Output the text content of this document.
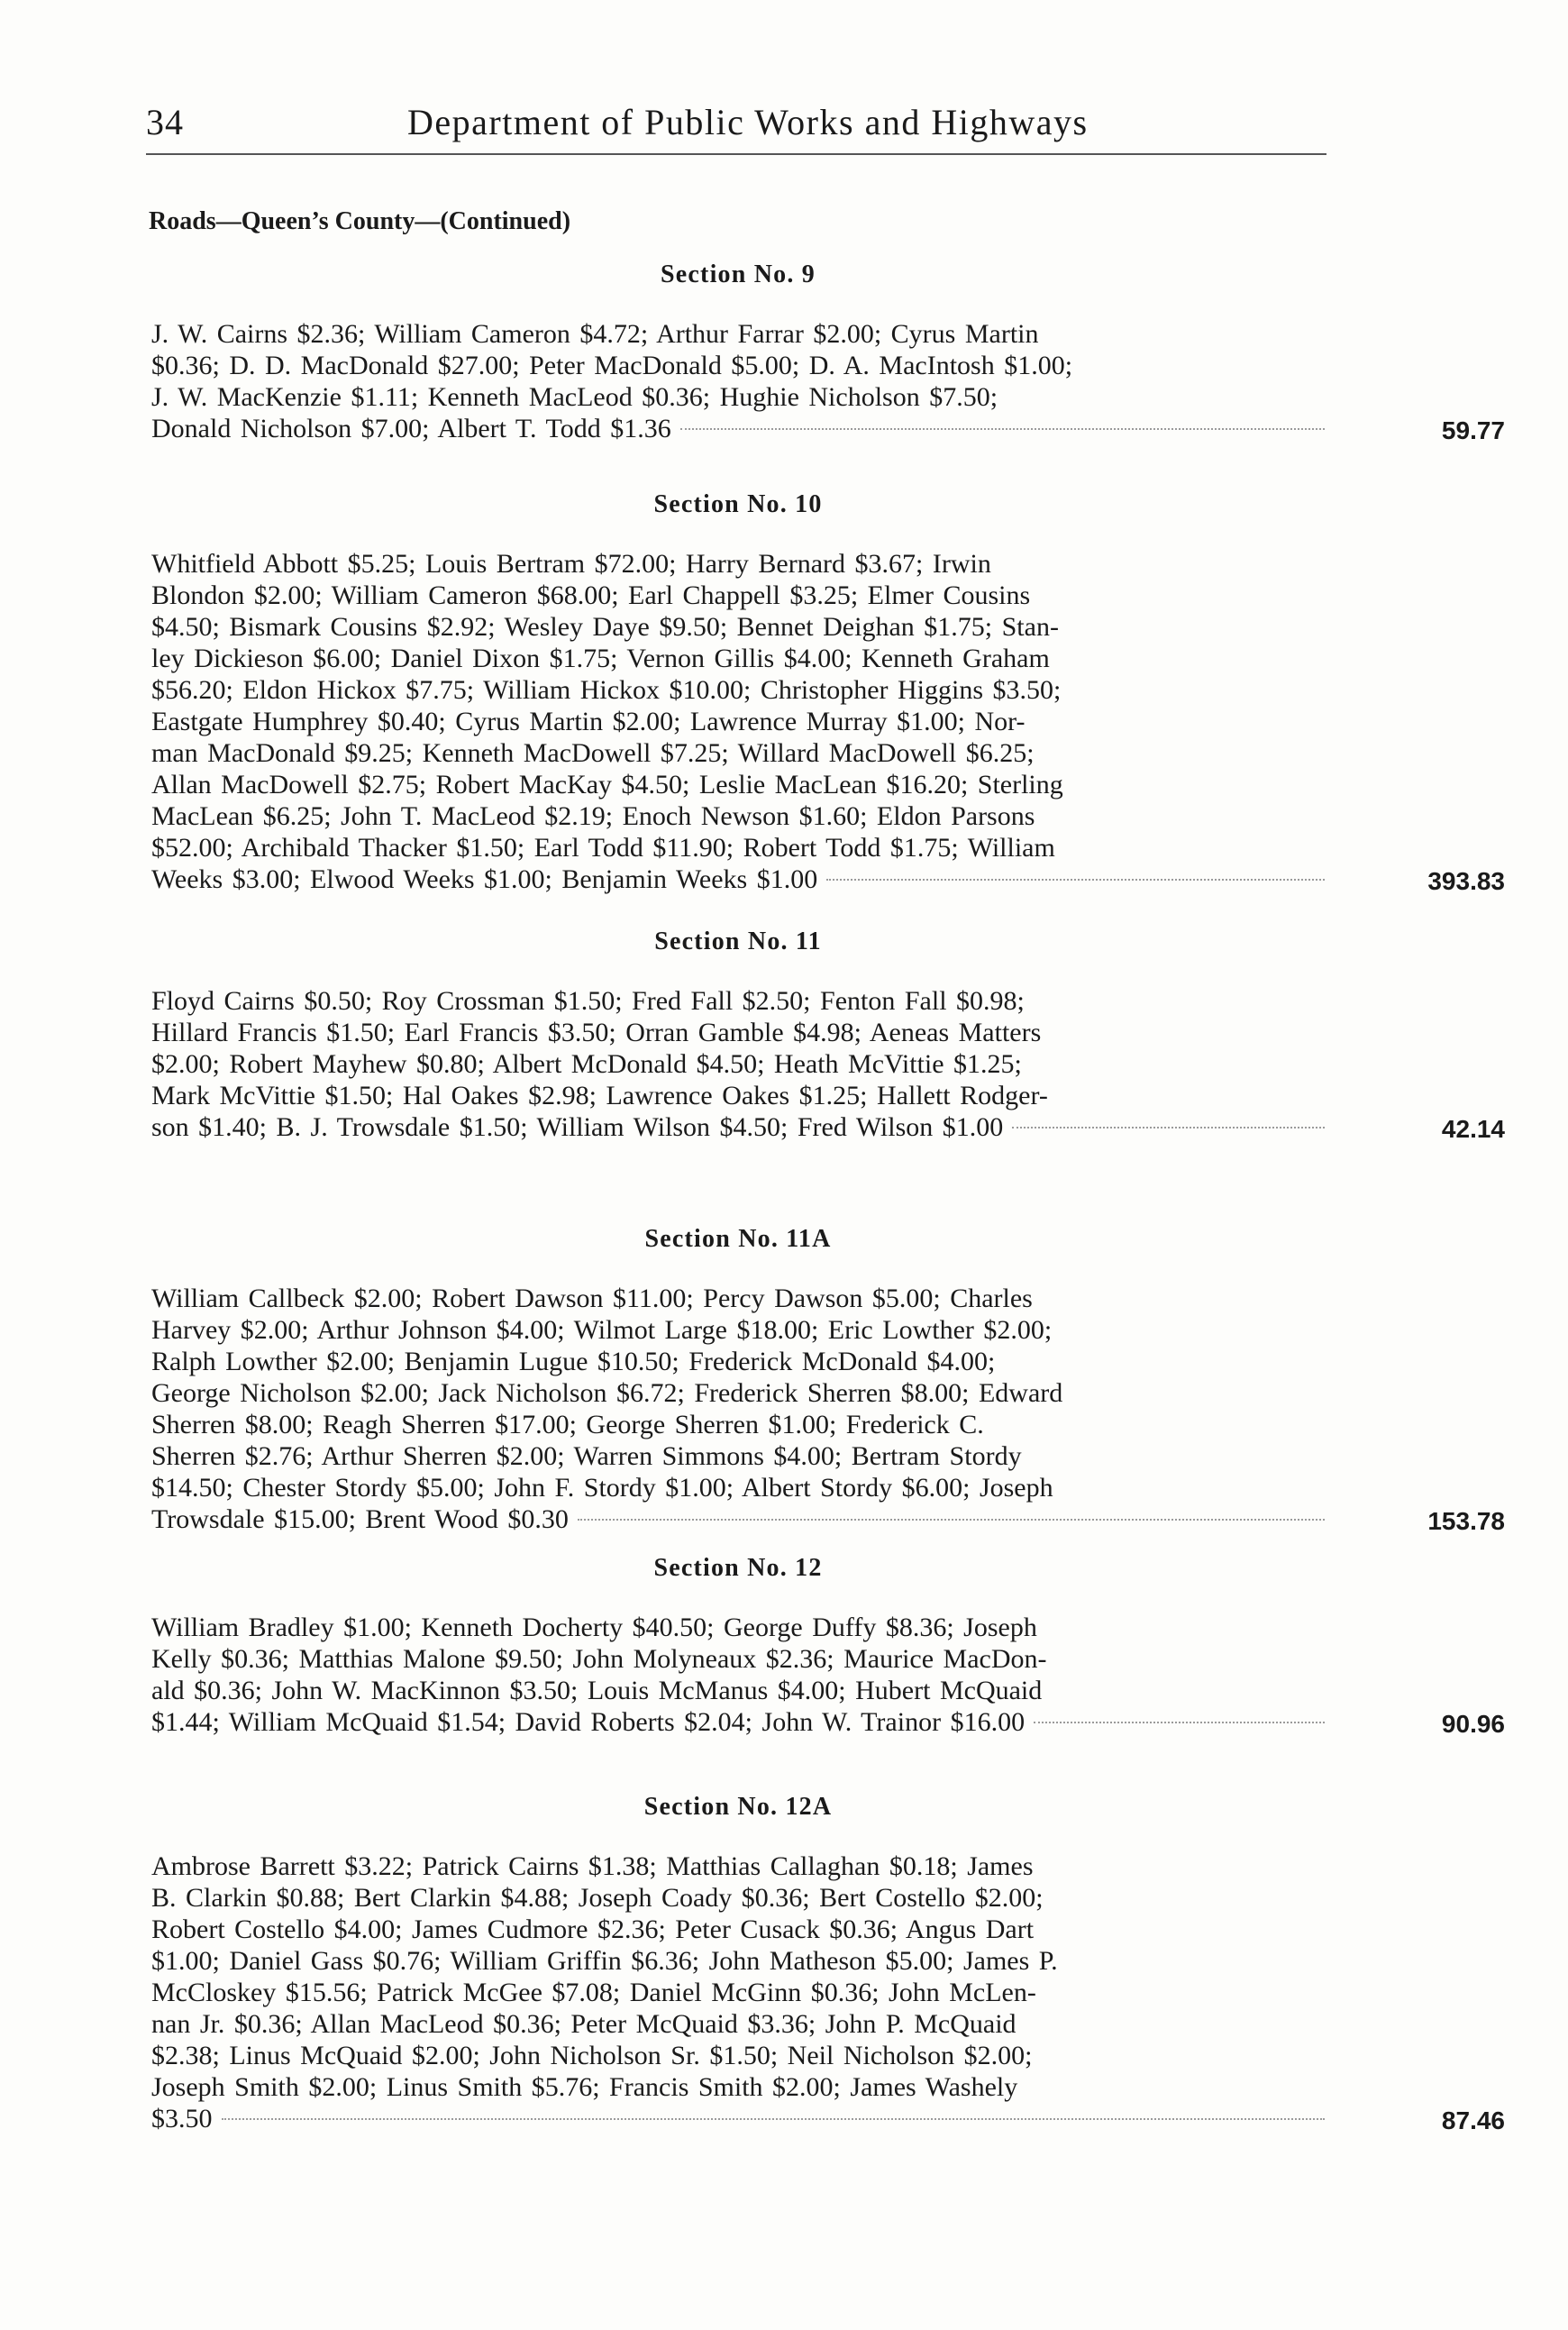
34	Department of Public Works and Highways
Roads—Queen’s County—(Continued)
Section No. 9
J. W. Cairns $2.36; William Cameron $4.72; Arthur Farrar $2.00; Cyrus Martin
$0.36; D. D. MacDonald $27.00; Peter MacDonald $5.00; D. A. MacIntosh $1.00;
J. W. MacKenzie $1.11; Kenneth MacLeod $0.36; Hughie Nicholson $7.50;
Donald Nicholson $7.00; Albert T. Todd $1.36	59.77
Section No. 10
Whitfield Abbott $5.25; Louis Bertram $72.00; Harry Bernard $3.67; Irwin
Blondon $2.00; William Cameron $68.00; Earl Chappell $3.25; Elmer Cousins
$4.50; Bismark Cousins $2.92; Wesley Daye $9.50; Bennet Deighan $1.75; Stan-
ley Dickieson $6.00; Daniel Dixon $1.75; Vernon Gillis $4.00; Kenneth Graham
$56.20; Eldon Hickox $7.75; William Hickox $10.00; Christopher Higgins $3.50;
Eastgate Humphrey $0.40; Cyrus Martin $2.00; Lawrence Murray $1.00; Nor-
man MacDonald $9.25; Kenneth MacDowell $7.25; Willard MacDowell $6.25;
Allan MacDowell $2.75; Robert MacKay $4.50; Leslie MacLean $16.20; Sterling
MacLean $6.25; John T. MacLeod $2.19; Enoch Newson $1.60; Eldon Parsons
$52.00; Archibald Thacker $1.50; Earl Todd $11.90; Robert Todd $1.75; William
Weeks $3.00; Elwood Weeks $1.00; Benjamin Weeks $1.00	393.83
Section No. 11
Floyd Cairns $0.50; Roy Crossman $1.50; Fred Fall $2.50; Fenton Fall $0.98;
Hillard Francis $1.50; Earl Francis $3.50; Orran Gamble $4.98; Aeneas Matters
$2.00; Robert Mayhew $0.80; Albert McDonald $4.50; Heath McVittie $1.25;
Mark McVittie $1.50; Hal Oakes $2.98; Lawrence Oakes $1.25; Hallett Rodger-
son $1.40; B. J. Trowsdale $1.50; William Wilson $4.50; Fred Wilson $1.00	42.14
Section No. 11A
William Callbeck $2.00; Robert Dawson $11.00; Percy Dawson $5.00; Charles
Harvey $2.00; Arthur Johnson $4.00; Wilmot Large $18.00; Eric Lowther $2.00;
Ralph Lowther $2.00; Benjamin Lugue $10.50; Frederick McDonald $4.00;
George Nicholson $2.00; Jack Nicholson $6.72; Frederick Sherren $8.00; Edward
Sherren $8.00; Reagh Sherren $17.00; George Sherren $1.00; Frederick C.
Sherren $2.76; Arthur Sherren $2.00; Warren Simmons $4.00; Bertram Stordy
$14.50; Chester Stordy $5.00; John F. Stordy $1.00; Albert Stordy $6.00; Joseph
Trowsdale $15.00; Brent Wood $0.30	153.78
Section No. 12
William Bradley $1.00; Kenneth Docherty $40.50; George Duffy $8.36; Joseph
Kelly $0.36; Matthias Malone $9.50; John Molyneaux $2.36; Maurice MacDon-
ald $0.36; John W. MacKinnon $3.50; Louis McManus $4.00; Hubert McQuaid
$1.44; William McQuaid $1.54; David Roberts $2.04; John W. Trainor $16.00	90.96
Section No. 12A
Ambrose Barrett $3.22; Patrick Cairns $1.38; Matthias Callaghan $0.18; James
B. Clarkin $0.88; Bert Clarkin $4.88; Joseph Coady $0.36; Bert Costello $2.00;
Robert Costello $4.00; James Cudmore $2.36; Peter Cusack $0.36; Angus Dart
$1.00; Daniel Gass $0.76; William Griffin $6.36; John Matheson $5.00; James P.
McCloskey $15.56; Patrick McGee $7.08; Daniel McGinn $0.36; John McLen-
nan Jr. $0.36; Allan MacLeod $0.36; Peter McQuaid $3.36; John P. McQuaid
$2.38; Linus McQuaid $2.00; John Nicholson Sr. $1.50; Neil Nicholson $2.00;
Joseph Smith $2.00; Linus Smith $5.76; Francis Smith $2.00; James Washely
$3.50	87.46
